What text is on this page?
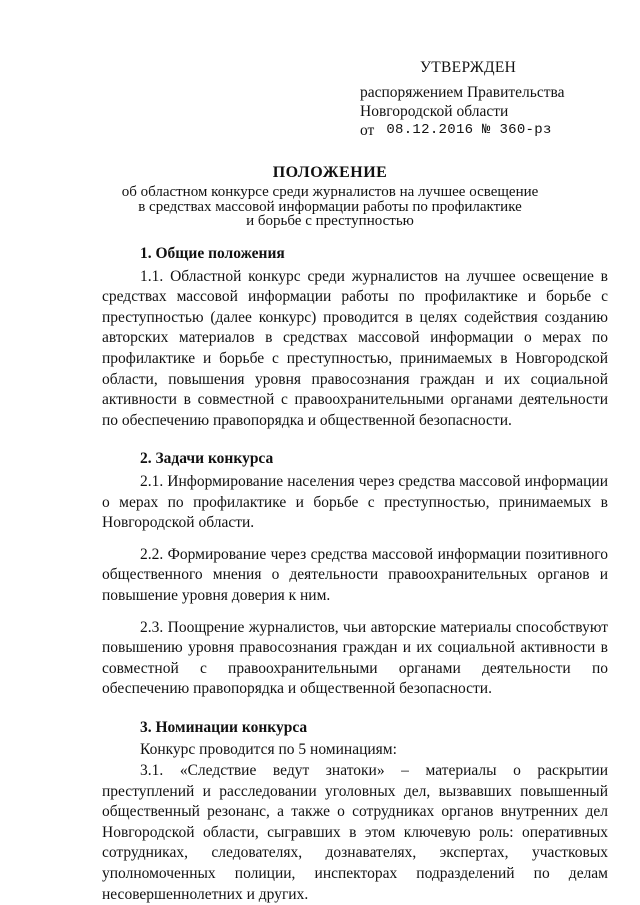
УТВЕРЖДЕН
распоряжением Правительства
Новгородской области
от 08.12.2016 № 360-рз
ПОЛОЖЕНИЕ
об областном конкурсе среди журналистов на лучшее освещение
в средствах массовой информации работы по профилактике
и борьбе с преступностью
1. Общие положения

1.1. Областной конкурс среди журналистов на лучшее освещение в средствах массовой информации работы по профилактике и борьбе с преступностью (далее конкурс) проводится в целях содействия созданию авторских материалов в средствах массовой информации о мерах по профилактике и борьбе с преступностью, принимаемых в Новгородской области, повышения уровня правосознания граждан и их социальной активности в совместной с правоохранительными органами деятельности по обеспечению правопорядка и общественной безопасности.

2. Задачи конкурса

2.1. Информирование населения через средства массовой информации о мерах по профилактике и борьбе с преступностью, принимаемых в Новгородской области.

2.2. Формирование через средства массовой информации позитивного общественного мнения о деятельности правоохранительных органов и повышение уровня доверия к ним.

2.3. Поощрение журналистов, чьи авторские материалы способствуют повышению уровня правосознания граждан и их социальной активности в совместной с правоохранительными органами деятельности по обеспечению правопорядка и общественной безопасности.

3. Номинации конкурса

Конкурс проводится по 5 номинациям:

3.1. «Следствие ведут знатоки» – материалы о раскрытии преступлений и расследовании уголовных дел, вызвавших повышенный общественный резонанс, а также о сотрудниках органов внутренних дел Новгородской области, сыгравших в этом ключевую роль: оперативных сотрудниках, следователях, дознавателях, экспертах, участковых уполномоченных полиции, инспекторах подразделений по делам несовершеннолетних и других.
